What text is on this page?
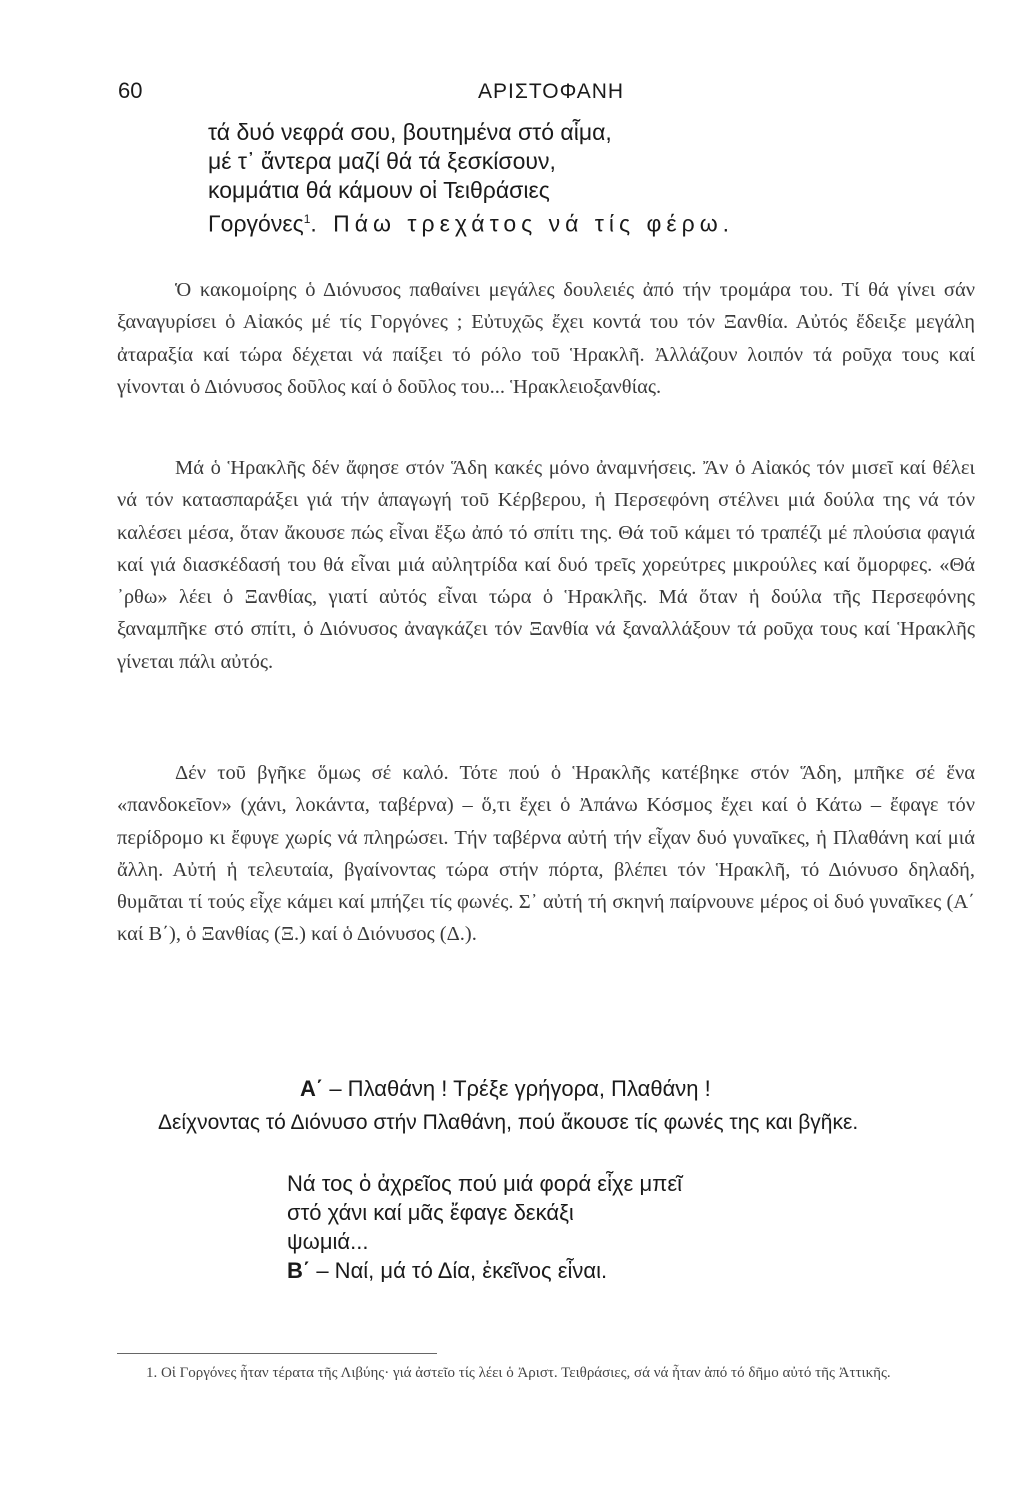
60	ΑΡΙΣΤΟΦΑΝΗ
τά δυό νεφρά σου, βουτημένα στό αἷμα,
μέ τ᾽ ἄντερα μαζί θά τά ξεσκίσουν,
κομμάτια θά κάμουν οἱ Τειθράσιες
Γοργόνες$^1$. Πάω τρεχάτος νά τίς φέρω.

Ὁ κακομοίρης ὁ Διόνυσος παθαίνει μεγάλες δουλειές ἀπό τήν τρομάρα του. Τί θά γίνει σάν ξαναγυρίσει ὁ Αἰακός μέ τίς Γοργόνες ; Εὐτυχῶς ἔχει κοντά του τόν Ξανθία. Αὐτός ἔδειξε μεγάλη ἀταραξία καί τώρα δέχεται νά παίξει τό ρόλο τοῦ Ἡρακλῆ. Ἀλλάζουν λοιπόν τά ροῦχα τους καί γίνονται ὁ Διόνυσος δοῦλος καί ὁ δοῦλος του... Ἡρακλειοξανθίας.

Μά ὁ Ἡρακλῆς δέν ἄφησε στόν Ἅδη κακές μόνο ἀναμνήσεις. Ἄν ὁ Αἰακός τόν μισεῖ καί θέλει νά τόν κατασπαράξει γιά τήν ἁπαγωγή τοῦ Κέρβερου, ἡ Περσεφόνη στέλνει μιά δούλα της νά τόν καλέσει μέσα, ὅταν ἄκουσε πώς εἶναι ἔξω ἀπό τό σπίτι της. Θά τοῦ κάμει τό τραπέζι μέ πλούσια φαγιά καί γιά διασκέδασή του θά εἶναι μιά αὐλητρίδα καί δυό τρεῖς χορεύτρες μικρούλες καί ὄμορφες. «Θά ᾽ρθω» λέει ὁ Ξανθίας, γιατί αὐτός εἶναι τώρα ὁ Ἡρακλῆς. Μά ὅταν ἡ δούλα τῆς Περσεφόνης ξαναμπῆκε στό σπίτι, ὁ Διόνυσος ἀναγκάζει τόν Ξανθία νά ξαναλλάξουν τά ροῦχα τους καί Ἡρακλῆς γίνεται πάλι αὐτός.

Δέν τοῦ βγῆκε ὅμως σέ καλό. Τότε πού ὁ Ἡρακλῆς κατέβηκε στόν Ἅδη, μπῆκε σέ ἕνα «πανδοκεῖον» (χάνι, λοκάντα, ταβέρνα) – ὅ,τι ἔχει ὁ Ἀπάνω Κόσμος ἔχει καί ὁ Κάτω – ἔφαγε τόν περίδρομο κι ἔφυγε χωρίς νά πληρώσει. Τήν ταβέρνα αὐτή τήν εἶχαν δυό γυναῖκες, ἡ Πλαθάνη καί μιά ἄλλη. Αὐτή ἡ τελευταία, βγαίνοντας τώρα στήν πόρτα, βλέπει τόν Ἡρακλῆ, τό Διόνυσο δηλαδή, θυμᾶται τί τούς εἶχε κάμει καί μπήζει τίς φωνές. Σ᾽ αὐτή τή σκηνή παίρνουνε μέρος οἱ δυό γυναῖκες (Α΄ καί Β΄), ὁ Ξανθίας (Ξ.) καί ὁ Διόνυσος (Δ.).

Α΄ – Πλαθάνη ! Τρέξε γρήγορα, Πλαθάνη !
Δείχνοντας τό Διόνυσο στήν Πλαθάνη, πού ἄκουσε τίς φωνές της και βγῆκε.
Νά τος ὁ ἀχρεῖος πού μιά φορά εἶχε μπεῖ
στό χάνι καί μᾶς ἔφαγε δεκάξι
ψωμιά...
Β΄ – Ναί, μά τό Δία, ἐκεῖνος εἶναι.
1. Οἱ Γοργόνες ἦταν τέρατα τῆς Λιβύης· γιά ἀστεῖο τίς λέει ὁ Ἀριστ. Τειθράσιες, σά νά ἦταν ἀπό τό δῆμο αὐτό τῆς Ἀττικῆς.
